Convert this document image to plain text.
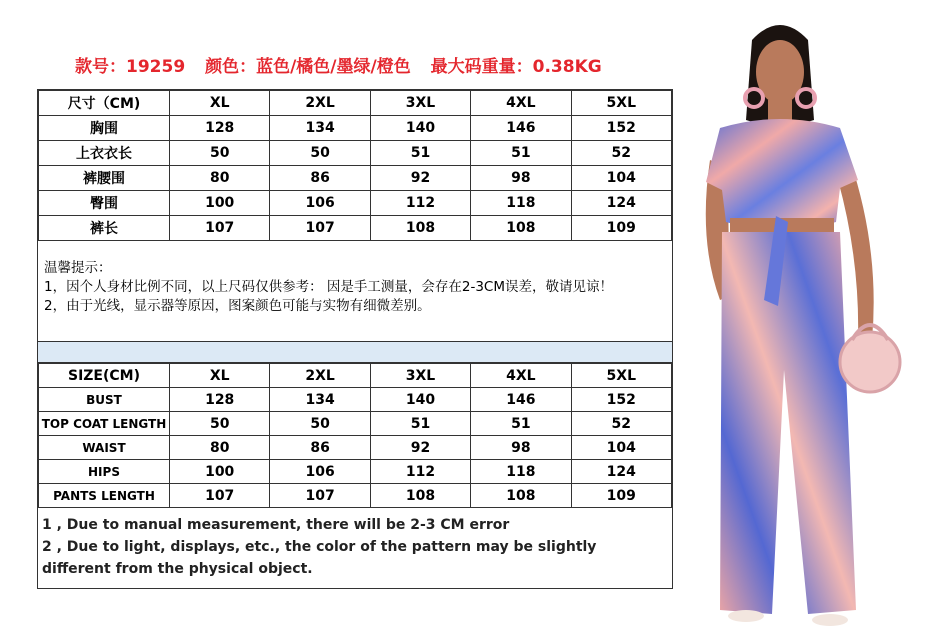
款号：19259 颜色：蓝色/橘色/墨绿/橙色 最大码重量：0.38KG
尺寸（CM)	XL	2XL	3XL	4XL	5XL
胸围	128	134	140	146	152
上衣衣长	50	50	51	51	52
裤腰围	80	86	92	98	104
臀围	100	106	112	118	124
裤长	107	107	108	108	109

温馨提示：

1，因个人身材比例不同，以上尺码仅供参考： 因是手工测量，会存在2-3CM误差，敬请见谅！

2，由于光线，显示器等原因，图案颜色可能与实物有细微差别。

SIZE(CM)	XL	2XL	3XL	4XL	5XL
BUST	128	134	140	146	152
TOP COAT LENGTH	50	50	51	51	52
WAIST	80	86	92	98	104
HIPS	100	106	112	118	124
PANTS LENGTH	107	107	108	108	109

1 , Due to manual measurement, there will be 2-3 CM error

2 , Due to light, displays, etc., the color of the pattern may be slightly different from the physical object.
